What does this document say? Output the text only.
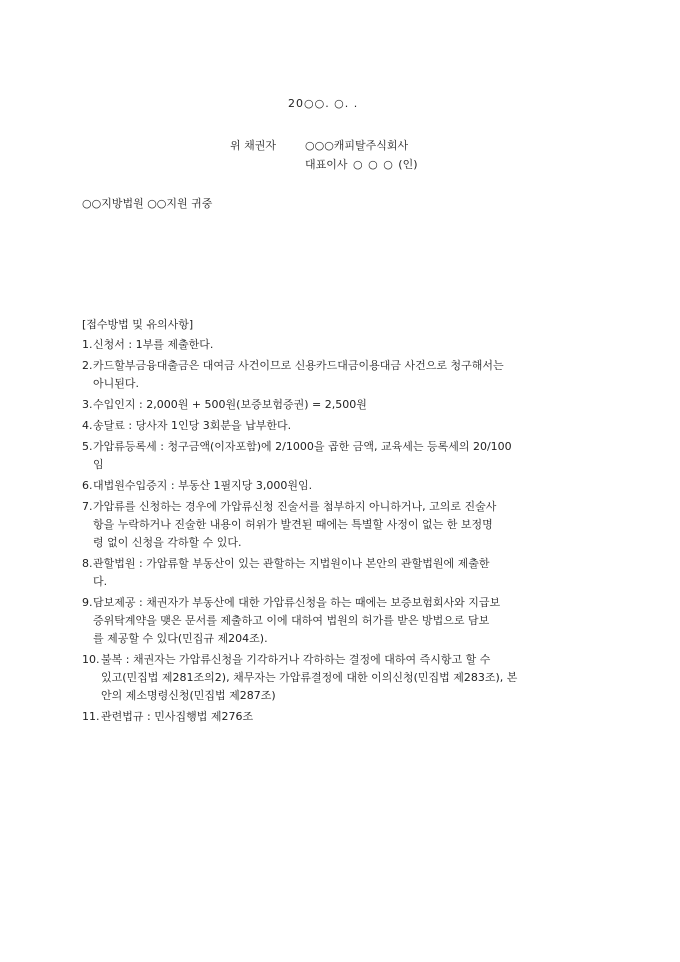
20○○. ○. .
위 채권자	○○○캐피탈주식회사
대표이사 ○ ○ ○ (인)
○○지방법원 ○○지원 귀중
[접수방법 및 유의사항]
1. 신청서 : 1부를 제출한다.
2. 카드할부금융대출금은 대여금 사건이므로 신용카드대금이용대금 사건으로 청구해서는
아니된다.
3. 수입인지 : 2,000원 + 500원(보증보험증권) = 2,500원
4. 송달료 : 당사자 1인당 3회분을 납부한다.
5. 가압류등록세 : 청구금액(이자포함)에 2/1000을 곱한 금액, 교육세는 등록세의 20/100
임
6. 대법원수입증지 : 부동산 1필지당 3,000원임.
7. 가압류를 신청하는 경우에 가압류신청 진술서를 첨부하지 아니하거나, 고의로 진술사
항을 누락하거나 진술한 내용이 허위가 발견된 때에는 특별할 사정이 없는 한 보정명
령 없이 신청을 각하할 수 있다.
8. 관할법원 : 가압류할 부동산이 있는 관할하는 지법원이나 본안의 관할법원에 제출한
다.
9. 담보제공 : 채권자가 부동산에 대한 가압류신청을 하는 때에는 보증보험회사와 지급보
증위탁계약을 맺은 문서를 제출하고 이에 대하여 법원의 허가를 받은 방법으로 담보
를 제공할 수 있다(민집규 제204조).
10. 불복 : 채권자는 가압류신청을 기각하거나 각하하는 결정에 대하여 즉시항고 할 수
있고(민집법 제281조의2), 채무자는 가압류결정에 대한 이의신청(민집법 제283조), 본
안의 제소명령신청(민집법 제287조)
11. 관련법규 : 민사집행법 제276조
